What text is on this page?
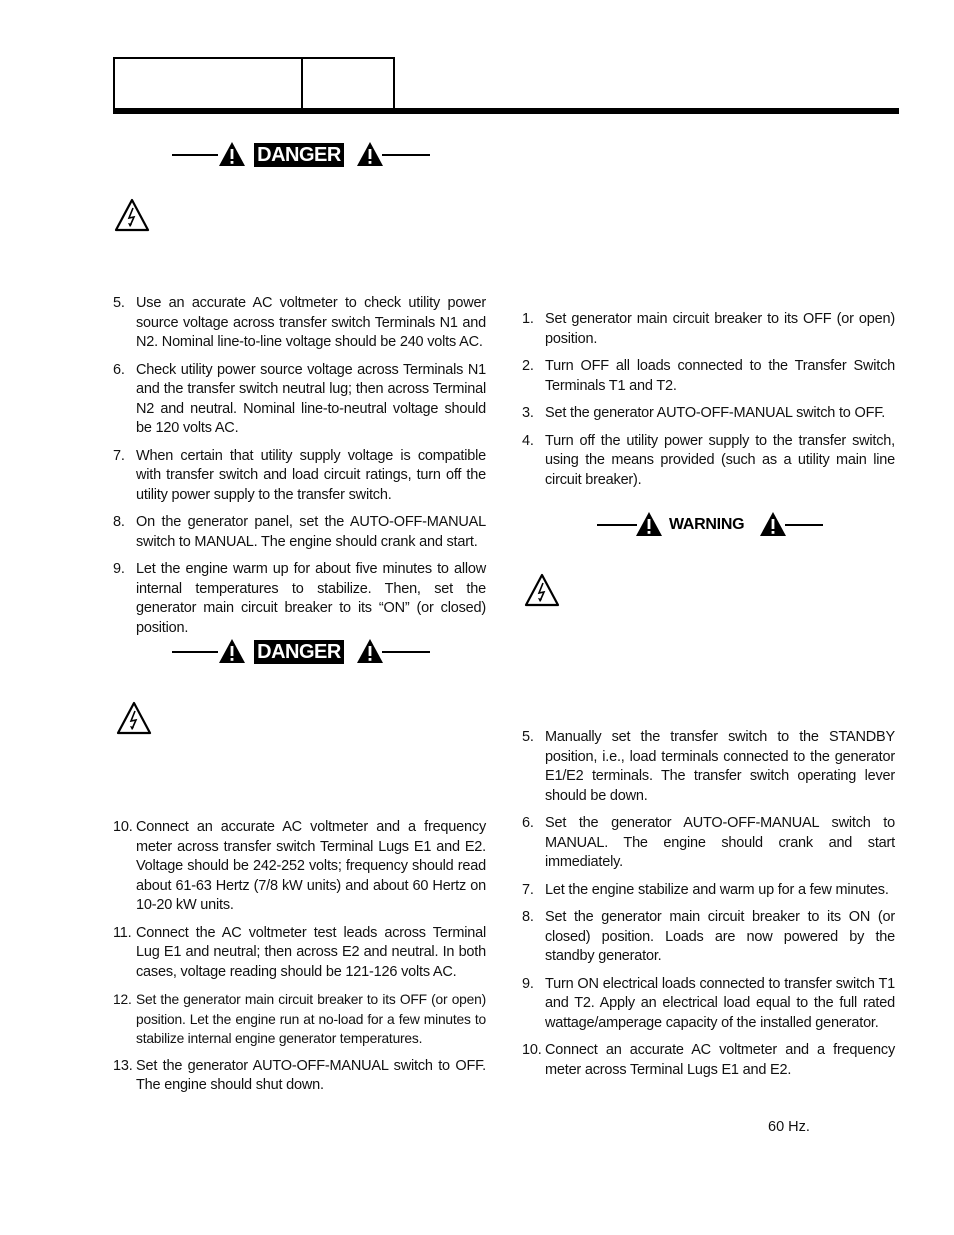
DANGER
5. Use an accurate AC voltmeter to check utility power source voltage across transfer switch Terminals N1 and N2. Nominal line-to-line voltage should be 240 volts AC.
6. Check utility power source voltage across Terminals N1 and the transfer switch neutral lug; then across Terminal N2 and neutral. Nominal line-to-neutral voltage should be 120 volts AC.
7. When certain that utility supply voltage is compatible with transfer switch and load circuit ratings, turn off the utility power supply to the transfer switch.
8. On the generator panel, set the AUTO-OFF-MANUAL switch to MANUAL. The engine should crank and start.
9. Let the engine warm up for about five minutes to allow internal temperatures to stabilize. Then, set the generator main circuit breaker to its “ON” (or closed) position.
DANGER
10. Connect an accurate AC voltmeter and a frequency meter across transfer switch Terminal Lugs E1 and E2. Voltage should be 242-252 volts; frequency should read about 61-63 Hertz (7/8 kW units) and about 60 Hertz on 10-20 kW units.
11. Connect the AC voltmeter test leads across Terminal Lug E1 and neutral; then across E2 and neutral. In both cases, voltage reading should be 121-126 volts AC.
12. Set the generator main circuit breaker to its OFF (or open) position. Let the engine run at no-load for a few minutes to stabilize internal engine generator temperatures.
13. Set the generator AUTO-OFF-MANUAL switch to OFF. The engine should shut down.
1. Set generator main circuit breaker to its OFF (or open) position.
2. Turn OFF all loads connected to the Transfer Switch Terminals T1 and T2.
3. Set the generator AUTO-OFF-MANUAL switch to OFF.
4. Turn off the utility power supply to the transfer switch, using the means provided (such as a utility main line circuit breaker).
WARNING
5. Manually set the transfer switch to the STANDBY position, i.e., load terminals connected to the generator E1/E2 terminals. The transfer switch operating lever should be down.
6. Set the generator AUTO-OFF-MANUAL switch to MANUAL. The engine should crank and start immediately.
7. Let the engine stabilize and warm up for a few minutes.
8. Set the generator main circuit breaker to its ON (or closed) position. Loads are now powered by the standby generator.
9. Turn ON electrical loads connected to transfer switch T1 and T2. Apply an electrical load equal to the full rated wattage/amperage capacity of the installed generator.
10. Connect an accurate AC voltmeter and a frequency meter across Terminal Lugs E1 and E2.
60 Hz.
